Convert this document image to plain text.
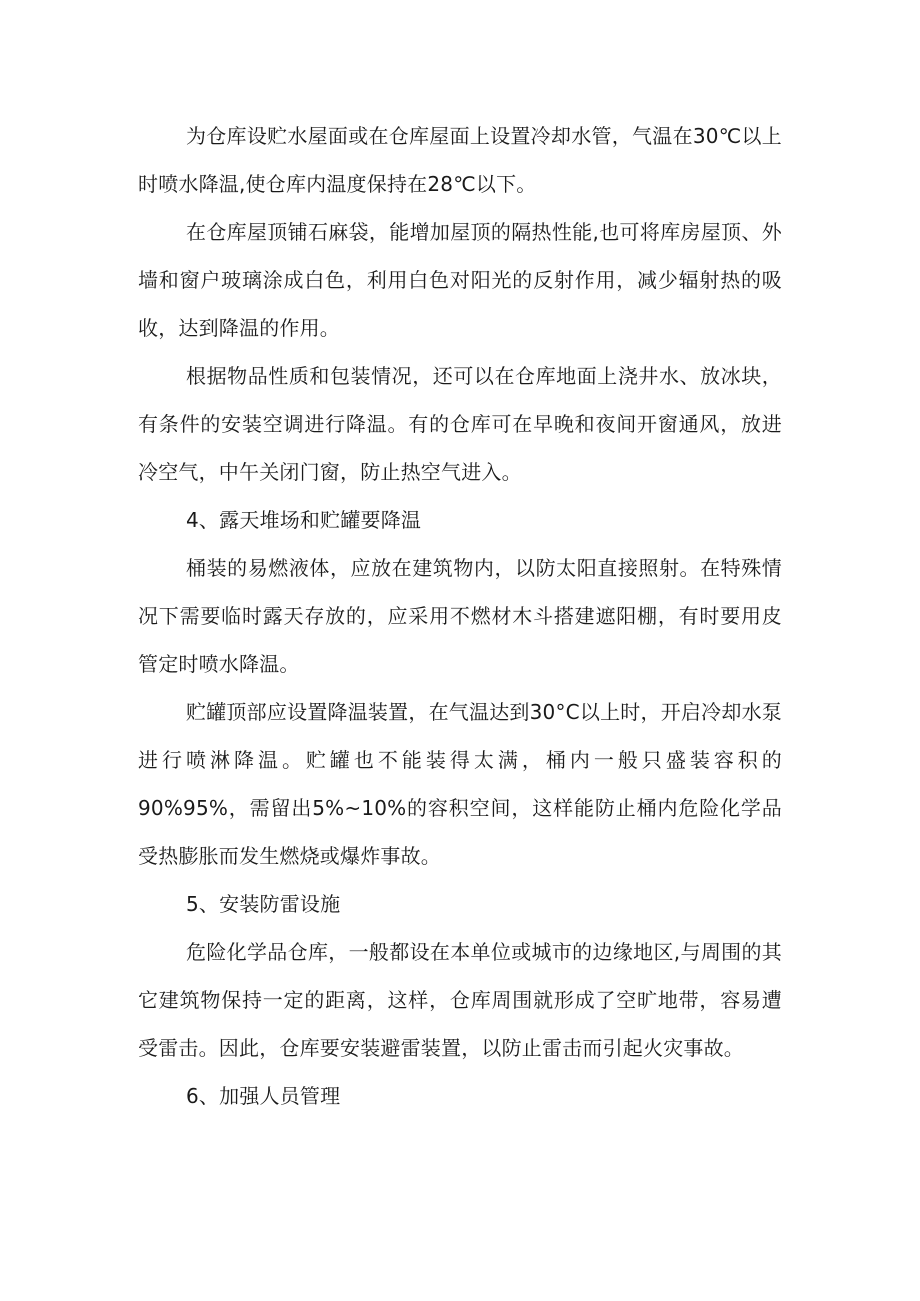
为仓库设贮水屋面或在仓库屋面上设置冷却水管，气温在30℃以上时喷水降温,使仓库内温度保持在28℃以下。

在仓库屋顶铺石麻袋，能增加屋顶的隔热性能,也可将库房屋顶、外墙和窗户玻璃涂成白色，利用白色对阳光的反射作用，减少辐射热的吸收，达到降温的作用。

根据物品性质和包装情况，还可以在仓库地面上浇井水、放冰块，有条件的安装空调进行降温。有的仓库可在早晚和夜间开窗通风，放进冷空气，中午关闭门窗，防止热空气进入。

4、露天堆场和贮罐要降温

桶装的易燃液体，应放在建筑物内，以防太阳直接照射。在特殊情况下需要临时露天存放的，应采用不燃材木斗搭建遮阳棚，有时要用皮管定时喷水降温。

贮罐顶部应设置降温装置，在气温达到30°C以上时，开启冷却水泵进行喷淋降温。贮罐也不能装得太满，桶内一般只盛装容积的90%95%，需留出5%~10%的容积空间，这样能防止桶内危险化学品受热膨胀而发生燃烧或爆炸事故。

5、安装防雷设施

危险化学品仓库，一般都设在本单位或城市的边缘地区,与周围的其它建筑物保持一定的距离，这样，仓库周围就形成了空旷地带，容易遭受雷击。因此，仓库要安装避雷装置，以防止雷击而引起火灾事故。

6、加强人员管理
